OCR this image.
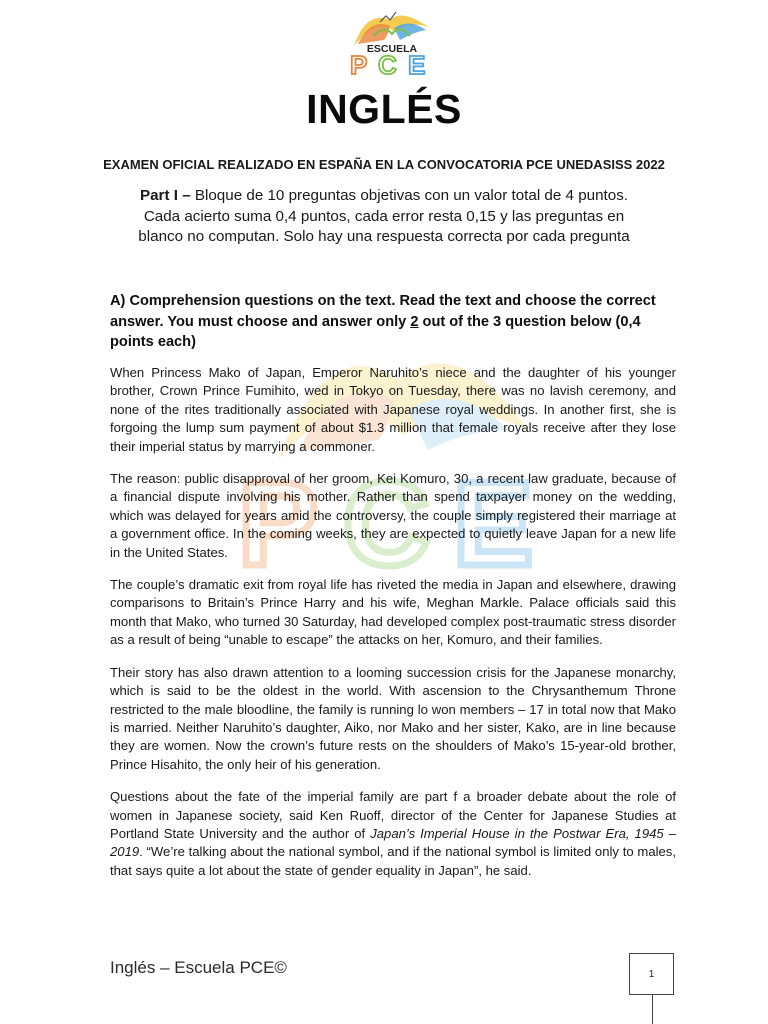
ESCUELA
P C E
P C E
INGLÉS
EXAMEN OFICIAL REALIZADO EN ESPAÑA EN LA CONVOCATORIA PCE UNEDASISS 2022
Part I – Bloque de 10 preguntas objetivas con un valor total de 4 puntos. Cada acierto suma 0,4 puntos, cada error resta 0,15 y las preguntas en blanco no computan. Solo hay una respuesta correcta por cada pregunta
A) Comprehension questions on the text. Read the text and choose the correct answer. You must choose and answer only 2 out of the 3 question below (0,4 points each)

When Princess Mako of Japan, Emperor Naruhito’s niece and the daughter of his younger brother, Crown Prince Fumihito, wed in Tokyo on Tuesday, there was no lavish ceremony, and none of the rites traditionally associated with Japanese royal weddings. In another first, she is forgoing the lump sum payment of about $1.3 million that female royals receive after they lose their imperial status by marrying a commoner.

The reason: public disapproval of her groom, Kei Komuro, 30, a recent law graduate, because of a financial dispute involving his mother. Rather than spend taxpayer money on the wedding, which was delayed for years amid the controversy, the couple simply registered their marriage at a government office. In the coming weeks, they are expected to quietly leave Japan for a new life in the United States.

The couple’s dramatic exit from royal life has riveted the media in Japan and elsewhere, drawing comparisons to Britain’s Prince Harry and his wife, Meghan Markle. Palace officials said this month that Mako, who turned 30 Saturday, had developed complex post-traumatic stress disorder as a result of being “unable to escape” the attacks on her, Komuro, and their families.

Their story has also drawn attention to a looming succession crisis for the Japanese monarchy, which is said to be the oldest in the world. With ascension to the Chrysanthemum Throne restricted to the male bloodline, the family is running lo won members – 17 in total now that Mako is married. Neither Naruhito’s daughter, Aiko, nor Mako and her sister, Kako, are in line because they are women. Now the crown’s future rests on the shoulders of Mako’s 15-year-old brother, Prince Hisahito, the only heir of his generation.

Questions about the fate of the imperial family are part f a broader debate about the role of women in Japanese society, said Ken Ruoff, director of the Center for Japanese Studies at Portland State University and the author of Japan’s Imperial House in the Postwar Era, 1945 – 2019. “We’re talking about the national symbol, and if the national symbol is limited only to males, that says quite a lot about the state of gender equality in Japan”, he said.

Inglés – Escuela PCE©	1
